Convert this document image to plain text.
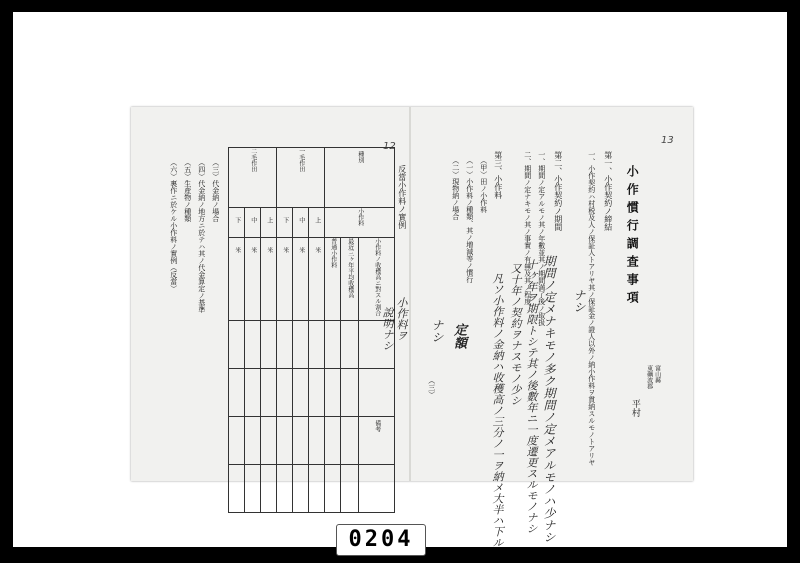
12
反當小作料ノ實例
二毛作田			一毛作田			種別		
下	中	上	下	中	上	小作料		
米	米	米	米	米	米	普通小作料	最近三ヶ年平均收穫高	小作料ノ收穫高ニ對スル割合

								備考

（三）代金納ノ場合
（四）代金納ノ地方ニ於テハ其ノ代金算定ノ基準
（五）生産物ノ種類
（六）裏作ニ於ケル小作料ノ實例（反當）
小作料ヲ
說明ナシ
13
小作慣行調査事項
富山縣
東礪波郡
平村
第一、小作契約ノ締結
一、小作契約ハ村税及人ノ保証人トアリヤ其ノ保証金ノ證人以外ノ納小作料ヲ貫納スルモノトアリヤ
第二、小作契約ノ期間
一、期間ノ定アルモノ其ノ年數並其ノ期間満了後ノ取扱
二、期間ノ定ナキモノ其ノ事實ノ有無及其ノ程度
第三、小作料
（甲）田ノ小作料
（一）小作料ノ種類、其ノ増減等ノ慣行
（二）現物納ノ場合
ナシ
期間ノ定メナキモノ多ク期間ノ定メアルモノハ少ナシ
十ヶ年ヲ期限トシテ其ノ後數年ニ一度遷更スルモノナシ
又十年ノ契約ヲナスモノ少シ
凡ソ小作料ノ金納ハ收穫高ノ三分ノ一ヲ納メ大半ハ下ル
定額
ナシ
（三）
0204
